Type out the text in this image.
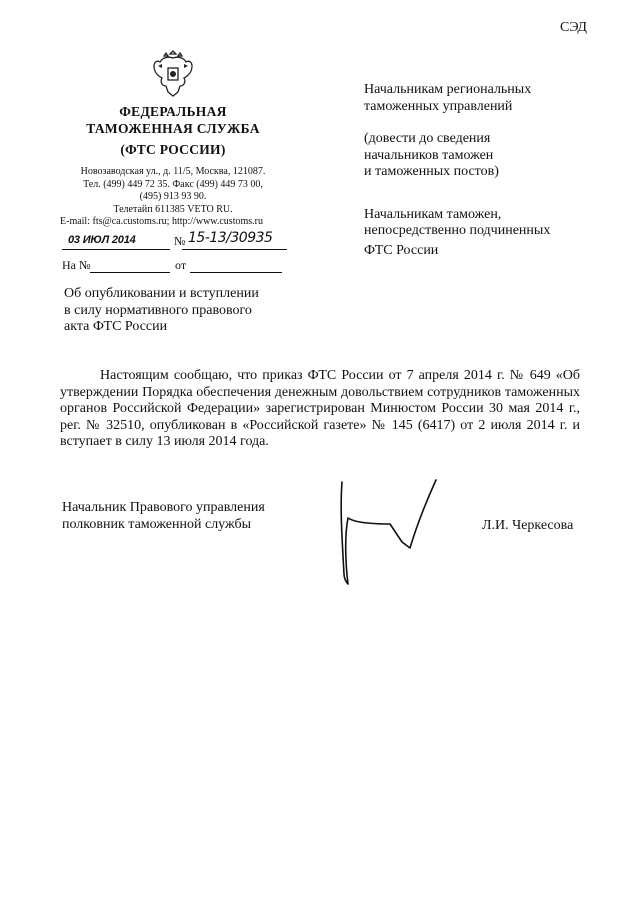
СЭД
ФЕДЕРАЛЬНАЯ
ТАМОЖЕННАЯ СЛУЖБА
(ФТС РОССИИ)
Новозаводская ул., д. 11/5, Москва, 121087.
Тел. (499) 449 72 35. Факс (499) 449 73 00,
(495) 913 93 90.
Телетайп 611385 VETO RU.
E-mail: fts@ca.customs.ru; http://www.customs.ru
03 ИЮЛ 2014	№ 15-13/30935
На №	от
Об опубликовании и вступлении
в силу нормативного правового
акта ФТС России

Начальникам региональных

таможенных управлений

(довести до сведения

начальников таможен

и таможенных постов)

Начальникам таможен,

непосредственно подчиненных

ФТС России

Настоящим сообщаю, что приказ ФТС России от 7 апреля 2014 г. № 649 «Об утверждении Порядка обеспечения денежным довольствием сотрудников таможенных органов Российской Федерации» зарегистрирован Минюстом России 30 мая 2014 г., рег. № 32510, опубликован в «Российской газете» № 145 (6417) от 2 июля 2014 г. и вступает в силу 13 июля 2014 года.
Начальник Правового управления
полковник таможенной службы	Л.И. Черкесова
